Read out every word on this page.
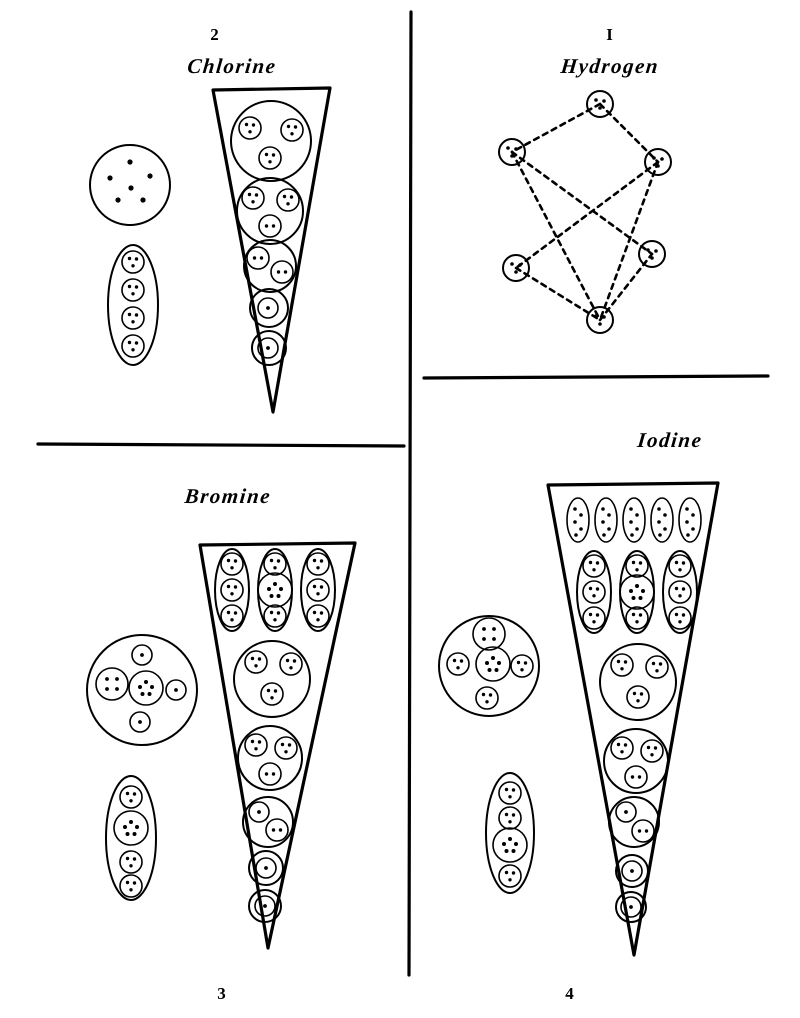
2	I
3	4
Chlorine	Hydrogen
Bromine
Iodine
